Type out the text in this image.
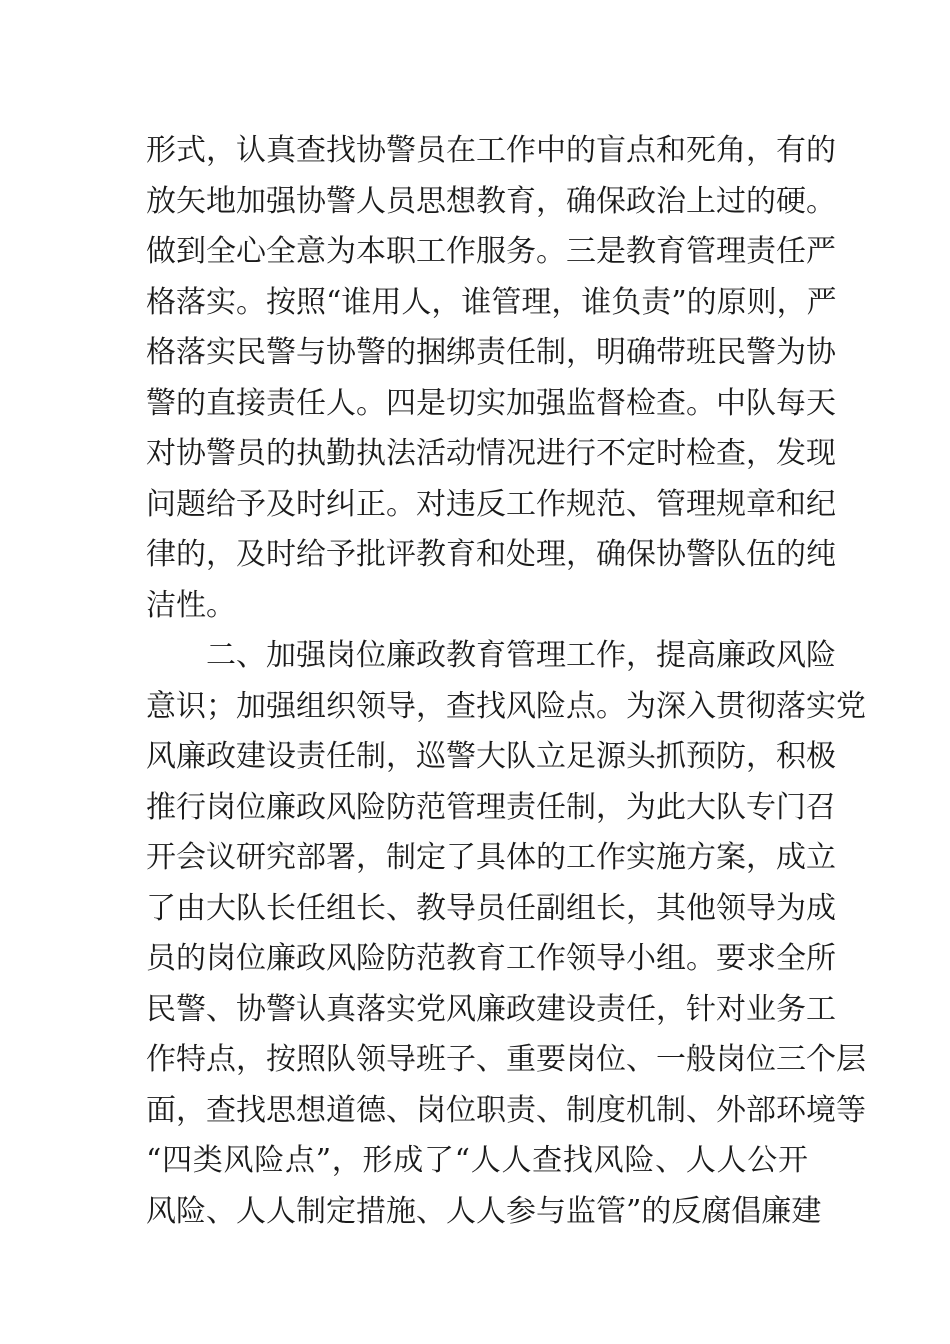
形式，认真查找协警员在工作中的盲点和死角，有的
放矢地加强协警人员思想教育，确保政治上过的硬。
做到全心全意为本职工作服务。三是教育管理责任严
格落实。按照“谁用人，谁管理，谁负责”的原则，严
格落实民警与协警的捆绑责任制，明确带班民警为协
警的直接责任人。四是切实加强监督检查。中队每天
对协警员的执勤执法活动情况进行不定时检查，发现
问题给予及时纠正。对违反工作规范、管理规章和纪
律的，及时给予批评教育和处理，确保协警队伍的纯
洁性。
二、加强岗位廉政教育管理工作，提高廉政风险
意识；加强组织领导，查找风险点。为深入贯彻落实党
风廉政建设责任制，巡警大队立足源头抓预防，积极
推行岗位廉政风险防范管理责任制，为此大队专门召
开会议研究部署，制定了具体的工作实施方案，成立
了由大队长任组长、教导员任副组长，其他领导为成
员的岗位廉政风险防范教育工作领导小组。要求全所
民警、协警认真落实党风廉政建设责任，针对业务工
作特点，按照队领导班子、重要岗位、一般岗位三个层
面，查找思想道德、岗位职责、制度机制、外部环境等
“四类风险点”，形成了“人人查找风险、人人公开
风险、人人制定措施、人人参与监管”的反腐倡廉建
